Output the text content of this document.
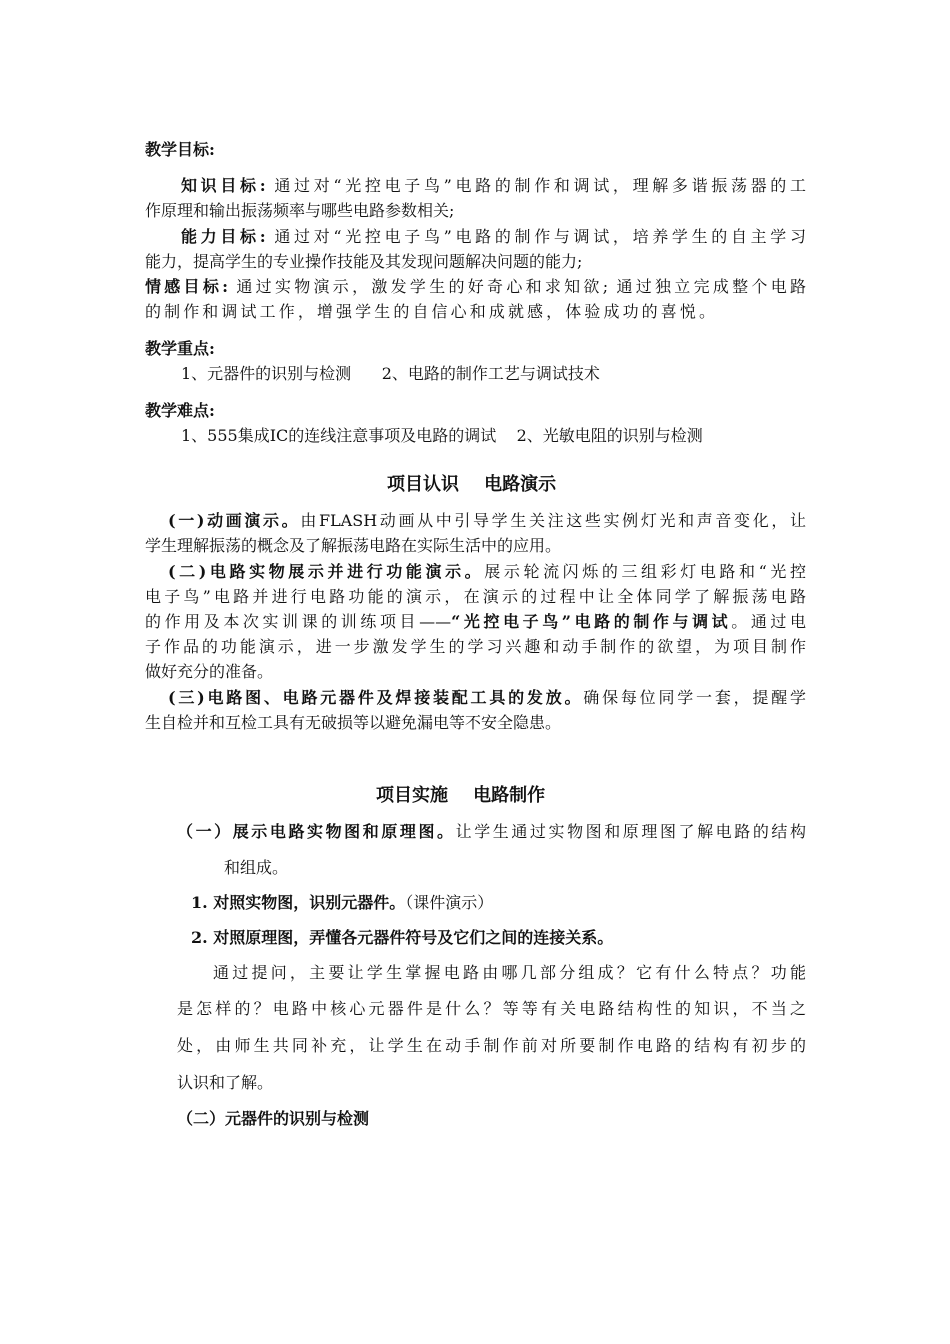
教学目标:
知识目标: 通过对“光控电子鸟”电路的制作和调试，理解多谐振荡器的工
作原理和输出振荡频率与哪些电路参数相关;
能力目标: 通过对“光控电子鸟”电路的制作与调试，培养学生的自主学习
能力，提高学生的专业操作技能及其发现问题解决问题的能力;
情感目标: 通过实物演示，激发学生的好奇心和求知欲; 通过独立完成整个电路
的制作和调试工作，增强学生的自信心和成就感，体验成功的喜悦。
教学重点:
1、元器件的识别与检测      2、电路的制作工艺与调试技术
教学难点:
1、555集成IC的连线注意事项及电路的调试    2、光敏电阻的识别与检测
项目认识    电路演示
(一)动画演示。由FLASH动画从中引导学生关注这些实例灯光和声音变化，让
学生理解振荡的概念及了解振荡电路在实际生活中的应用。
(二)电路实物展示并进行功能演示。展示轮流闪烁的三组彩灯电路和“光控
电子鸟”电路并进行电路功能的演示，在演示的过程中让全体同学了解振荡电路
的作用及本次实训课的训练项目——“光控电子鸟”电路的制作与调试。通过电
子作品的功能演示，进一步激发学生的学习兴趣和动手制作的欲望，为项目制作
做好充分的准备。
(三)电路图、电路元器件及焊接装配工具的发放。确保每位同学一套，提醒学
生自检并和互检工具有无破损等以避免漏电等不安全隐患。
项目实施    电路制作
（一）展示电路实物图和原理图。让学生通过实物图和原理图了解电路的结构
和组成。
1. 对照实物图，识别元器件。（课件演示）
2. 对照原理图，弄懂各元器件符号及它们之间的连接关系。
通过提问，主要让学生掌握电路由哪几部分组成？它有什么特点？功能
是怎样的？电路中核心元器件是什么？等等有关电路结构性的知识，不当之
处，由师生共同补充，让学生在动手制作前对所要制作电路的结构有初步的
认识和了解。
（二）元器件的识别与检测
